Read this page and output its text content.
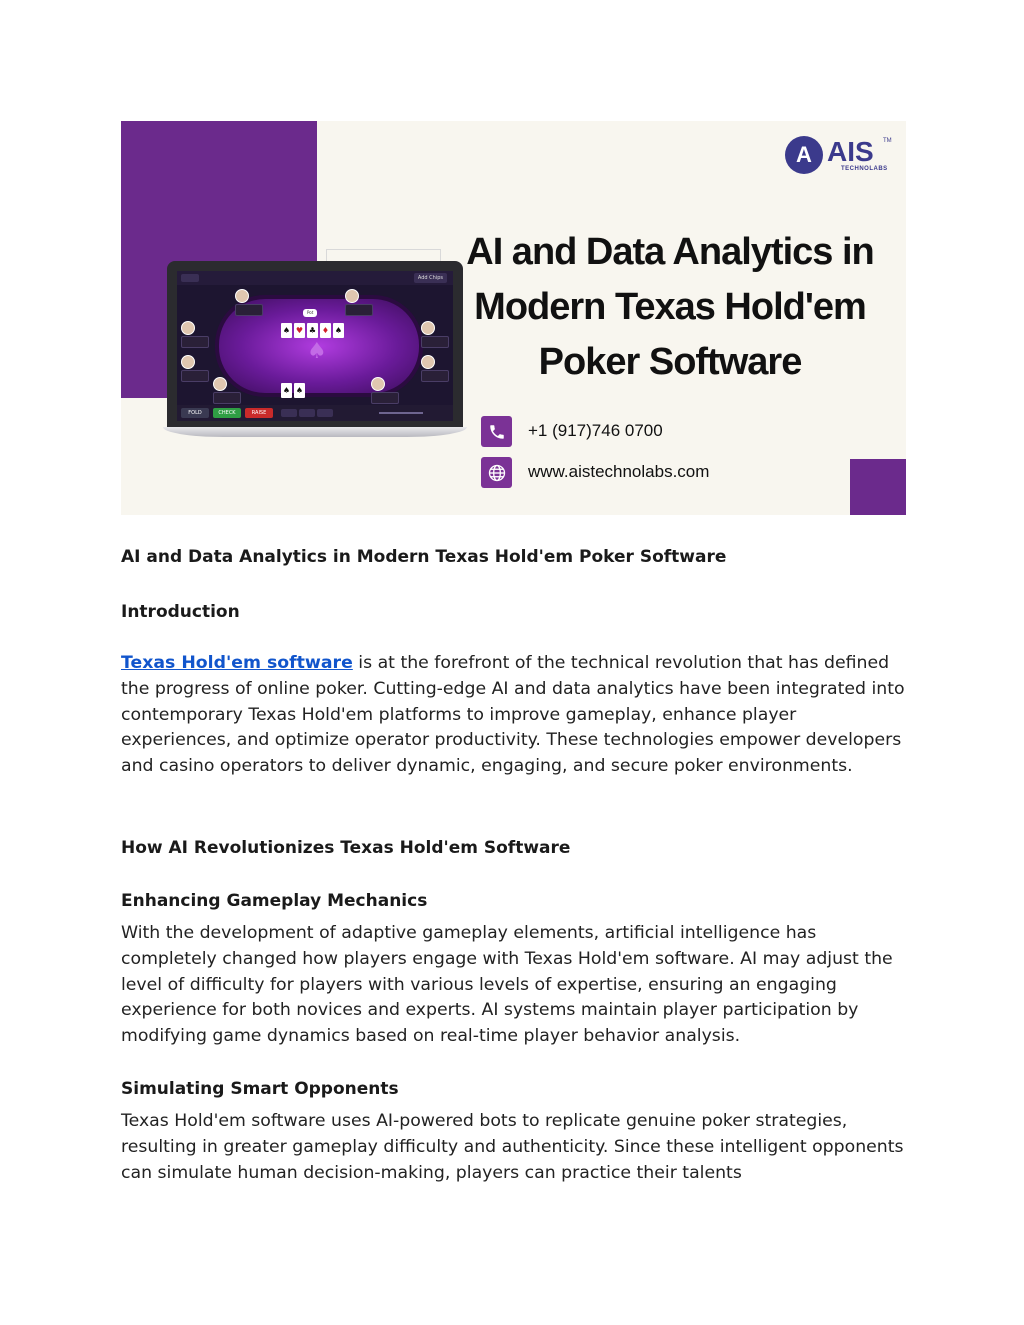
Add Chips
Pot
♠
♠ ♥ ♣ ♦ ♠
♠ ♠
FOLD	CHECK	RAISE
A AIS TM
TECHNOLABS
AI and Data Analytics in
Modern Texas Hold'em
Poker Software
+1 (917)746 0700
www.aistechnolabs.com
AI and Data Analytics in Modern Texas Hold'em Poker Software
Introduction

Texas Hold'em software is at the forefront of the technical revolution that has defined the progress of online poker. Cutting-edge AI and data analytics have been integrated into contemporary Texas Hold'em platforms to improve gameplay, enhance player experiences, and optimize operator productivity. These technologies empower developers and casino operators to deliver dynamic, engaging, and secure poker environments.

How AI Revolutionizes Texas Hold'em Software
Enhancing Gameplay Mechanics

With the development of adaptive gameplay elements, artificial intelligence has completely changed how players engage with Texas Hold'em software. AI may adjust the level of difficulty for players with various levels of expertise, ensuring an engaging experience for both novices and experts. AI systems maintain player participation by modifying game dynamics based on real-time player behavior analysis.

Simulating Smart Opponents

Texas Hold'em software uses AI-powered bots to replicate genuine poker strategies, resulting in greater gameplay difficulty and authenticity. Since these intelligent opponents can simulate human decision-making, players can practice their talents
